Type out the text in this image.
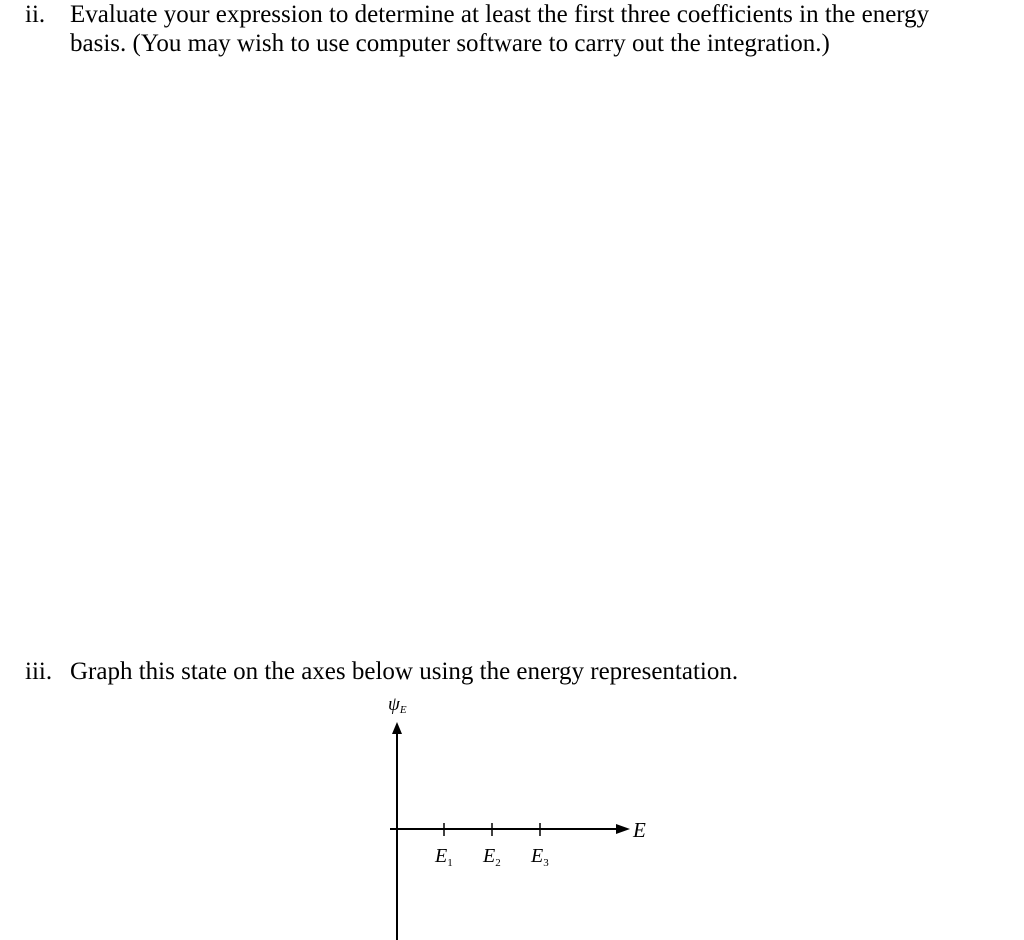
ii. Evaluate your expression to determine at least the first three coefficients in the energy
basis. (You may wish to use computer software to carry out the integration.)
iii. Graph this state on the axes below using the energy representation.
ψE
E
$E_1$ $E_2$ $E_3$
